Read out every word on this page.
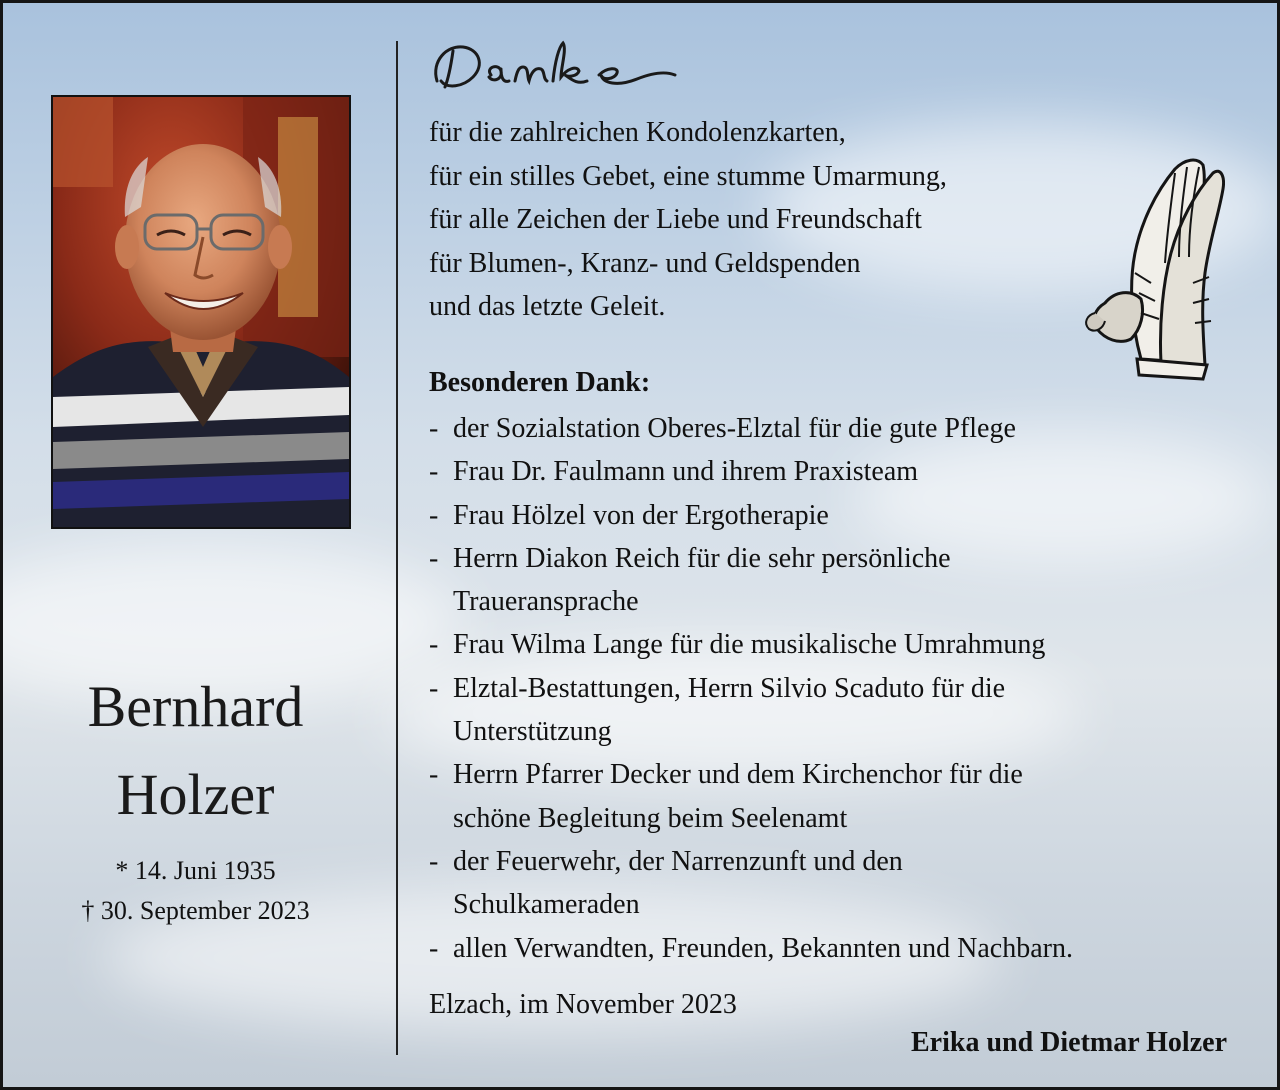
Bernhard
Holzer
* 14. Juni 1935
† 30. September 2023
für die zahlreichen Kondolenzkarten,
für ein stilles Gebet, eine stumme Umarmung,
für alle Zeichen der Liebe und Freundschaft
für Blumen-, Kranz- und Geldspenden
und das letzte Geleit.
Besonderen Dank:
- der Sozialstation Oberes-Elztal für die gute Pflege
- Frau Dr. Faulmann und ihrem Praxisteam
- Frau Hölzel von der Ergotherapie
- Herrn Diakon Reich für die sehr persönliche
Traueransprache
- Frau Wilma Lange für die musikalische Umrahmung
- Elztal-Bestattungen, Herrn Silvio Scaduto für die
Unterstützung
- Herrn Pfarrer Decker und dem Kirchenchor für die
schöne Begleitung beim Seelenamt
- der Feuerwehr, der Narrenzunft und den
Schulkameraden
- allen Verwandten, Freunden, Bekannten und Nachbarn.
Elzach, im November 2023
Erika und Dietmar Holzer
